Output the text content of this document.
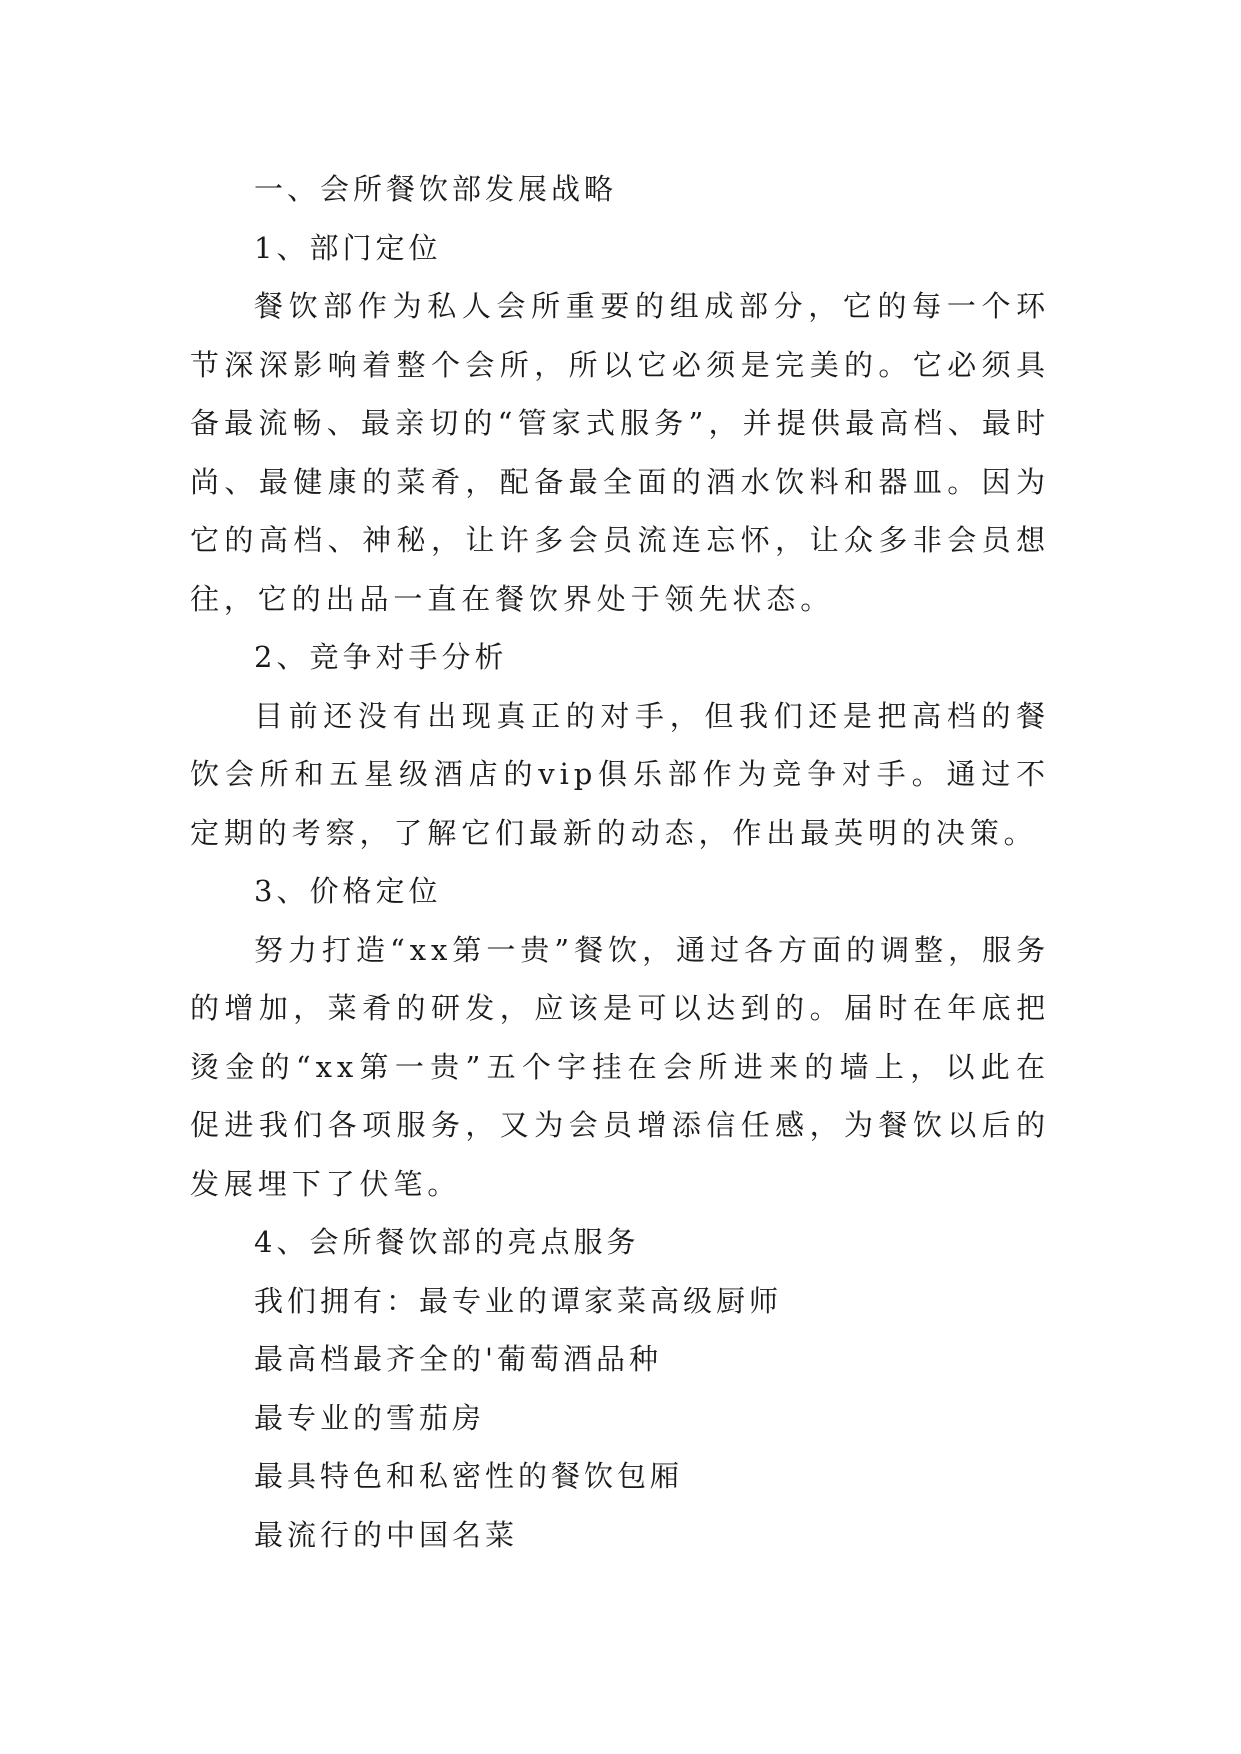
一、会所餐饮部发展战略
1、部门定位

餐饮部作为私人会所重要的组成部分，它的每一个环节深深影响着整个会所，所以它必须是完美的。它必须具备最流畅、最亲切的“管家式服务”，并提供最高档、最时尚、最健康的菜肴，配备最全面的酒水饮料和器皿。因为它的高档、神秘，让许多会员流连忘怀，让众多非会员想往，它的出品一直在餐饮界处于领先状态。

2、竞争对手分析

目前还没有出现真正的对手，但我们还是把高档的餐饮会所和五星级酒店的vip俱乐部作为竞争对手。通过不定期的考察，了解它们最新的动态，作出最英明的决策。

3、价格定位

努力打造“xx第一贵”餐饮，通过各方面的调整，服务的增加，菜肴的研发，应该是可以达到的。届时在年底把烫金的“xx第一贵”五个字挂在会所进来的墙上，以此在促进我们各项服务，又为会员增添信任感，为餐饮以后的发展埋下了伏笔。

4、会所餐饮部的亮点服务
我们拥有：最专业的谭家菜高级厨师
最高档最齐全的'葡萄酒品种
最专业的雪茄房
最具特色和私密性的餐饮包厢
最流行的中国名菜
